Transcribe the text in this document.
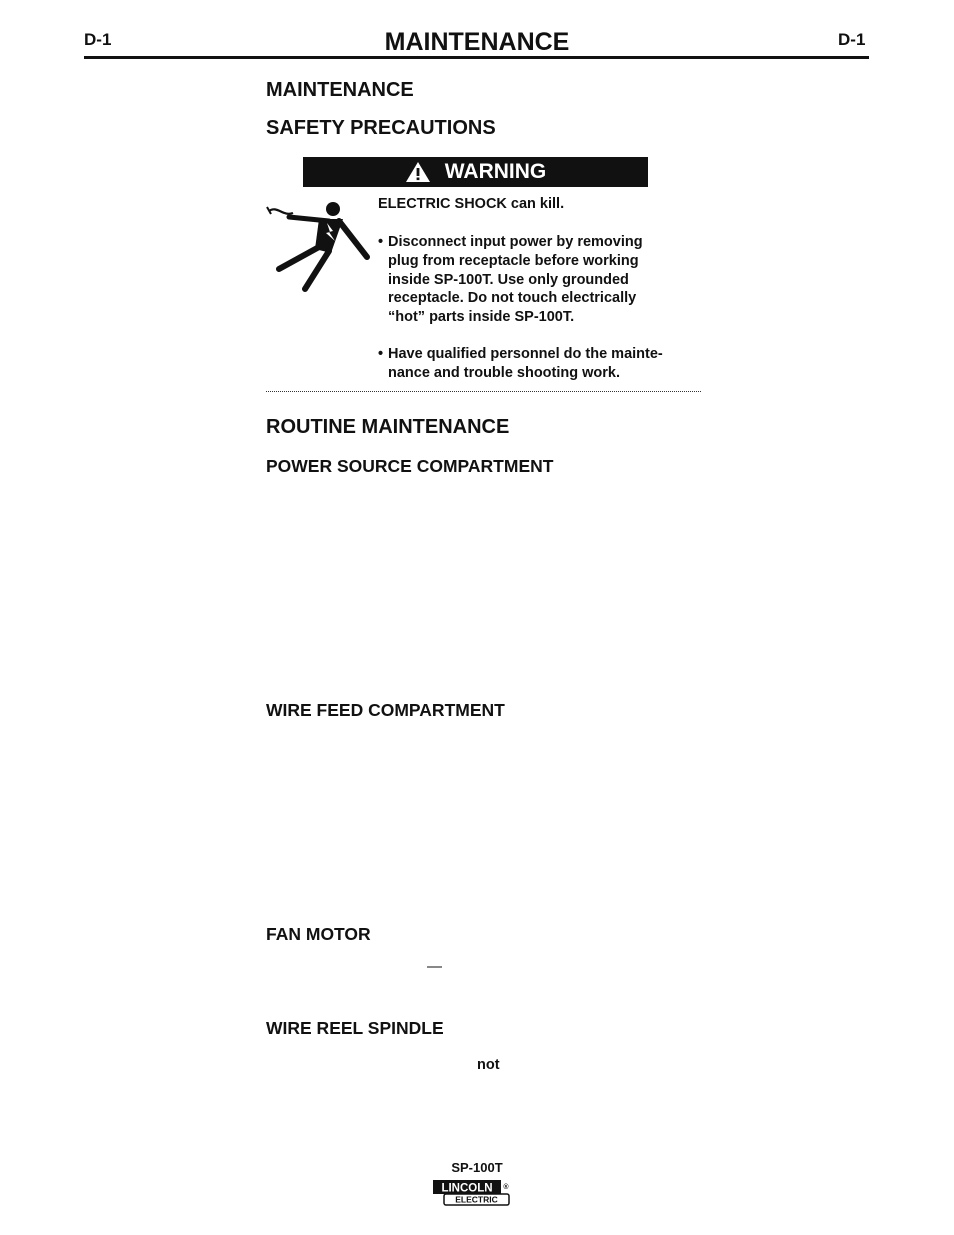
D-1	MAINTENANCE	D-1
MAINTENANCE
SAFETY PRECAUTIONS
WARNING
ELECTRIC SHOCK can kill.
• Disconnect input power by removing
plug from receptacle before working
inside SP-100T. Use only grounded
receptacle. Do not touch electrically
“hot” parts inside SP-100T.
• Have qualified personnel do the mainte-
nance and trouble shooting work.
ROUTINE MAINTENANCE
POWER SOURCE COMPARTMENT
WIRE FEED COMPARTMENT
FAN MOTOR
—
WIRE REEL SPINDLE
not
SP-100T
LINCOLN ®
ELECTRIC
